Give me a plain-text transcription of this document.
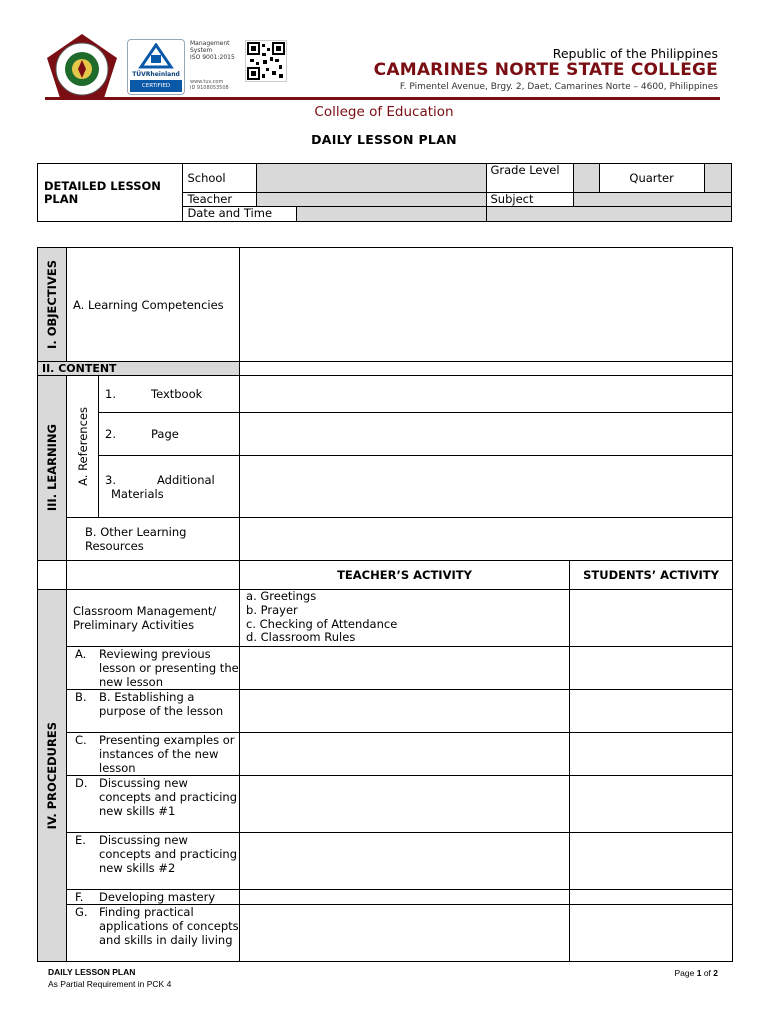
TÜVRheinland
CERTIFIED
Management
System
ISO 9001:2015
www.tuv.com
ID 9108053508
Republic of the Philippines
CAMARINES NORTE STATE COLLEGE
F. Pimentel Avenue, Brgy. 2, Daet, Camarines Norte – 4600, Philippines
College of Education
DAILY LESSON PLAN
DETAILED LESSON PLAN	School		Grade Level		Quarter	
	Teacher		Subject			

	Date and Time					

I. OBJECTIVES	A. Learning Competencies			
II. CONTENT				

III. LEARNING	A. References	1. Textbook		

		2. Page		

		3. Additional Materials		

	B. Other Learning Resources			

			TEACHER’S ACTIVITY	STUDENTS’ ACTIVITY

IV. PROCEDURES	Classroom Management/ Preliminary Activities		a. Greetings
b. Prayer
c. Checking of Attendance
d. Classroom Rules	

	A. Reviewing previous lesson or presenting the new lesson			

	B. B. Establishing a purpose of the lesson			

	C. Presenting examples or instances of the new lesson			

	D. Discussing new concepts and practicing new skills #1			

	E. Discussing new concepts and practicing new skills #2			

	F. Developing mastery			

	G. Finding practical applications of concepts and skills in daily living			

DAILY LESSON PLAN
As Partial Requirement in PCK 4
Page 1 of 2
